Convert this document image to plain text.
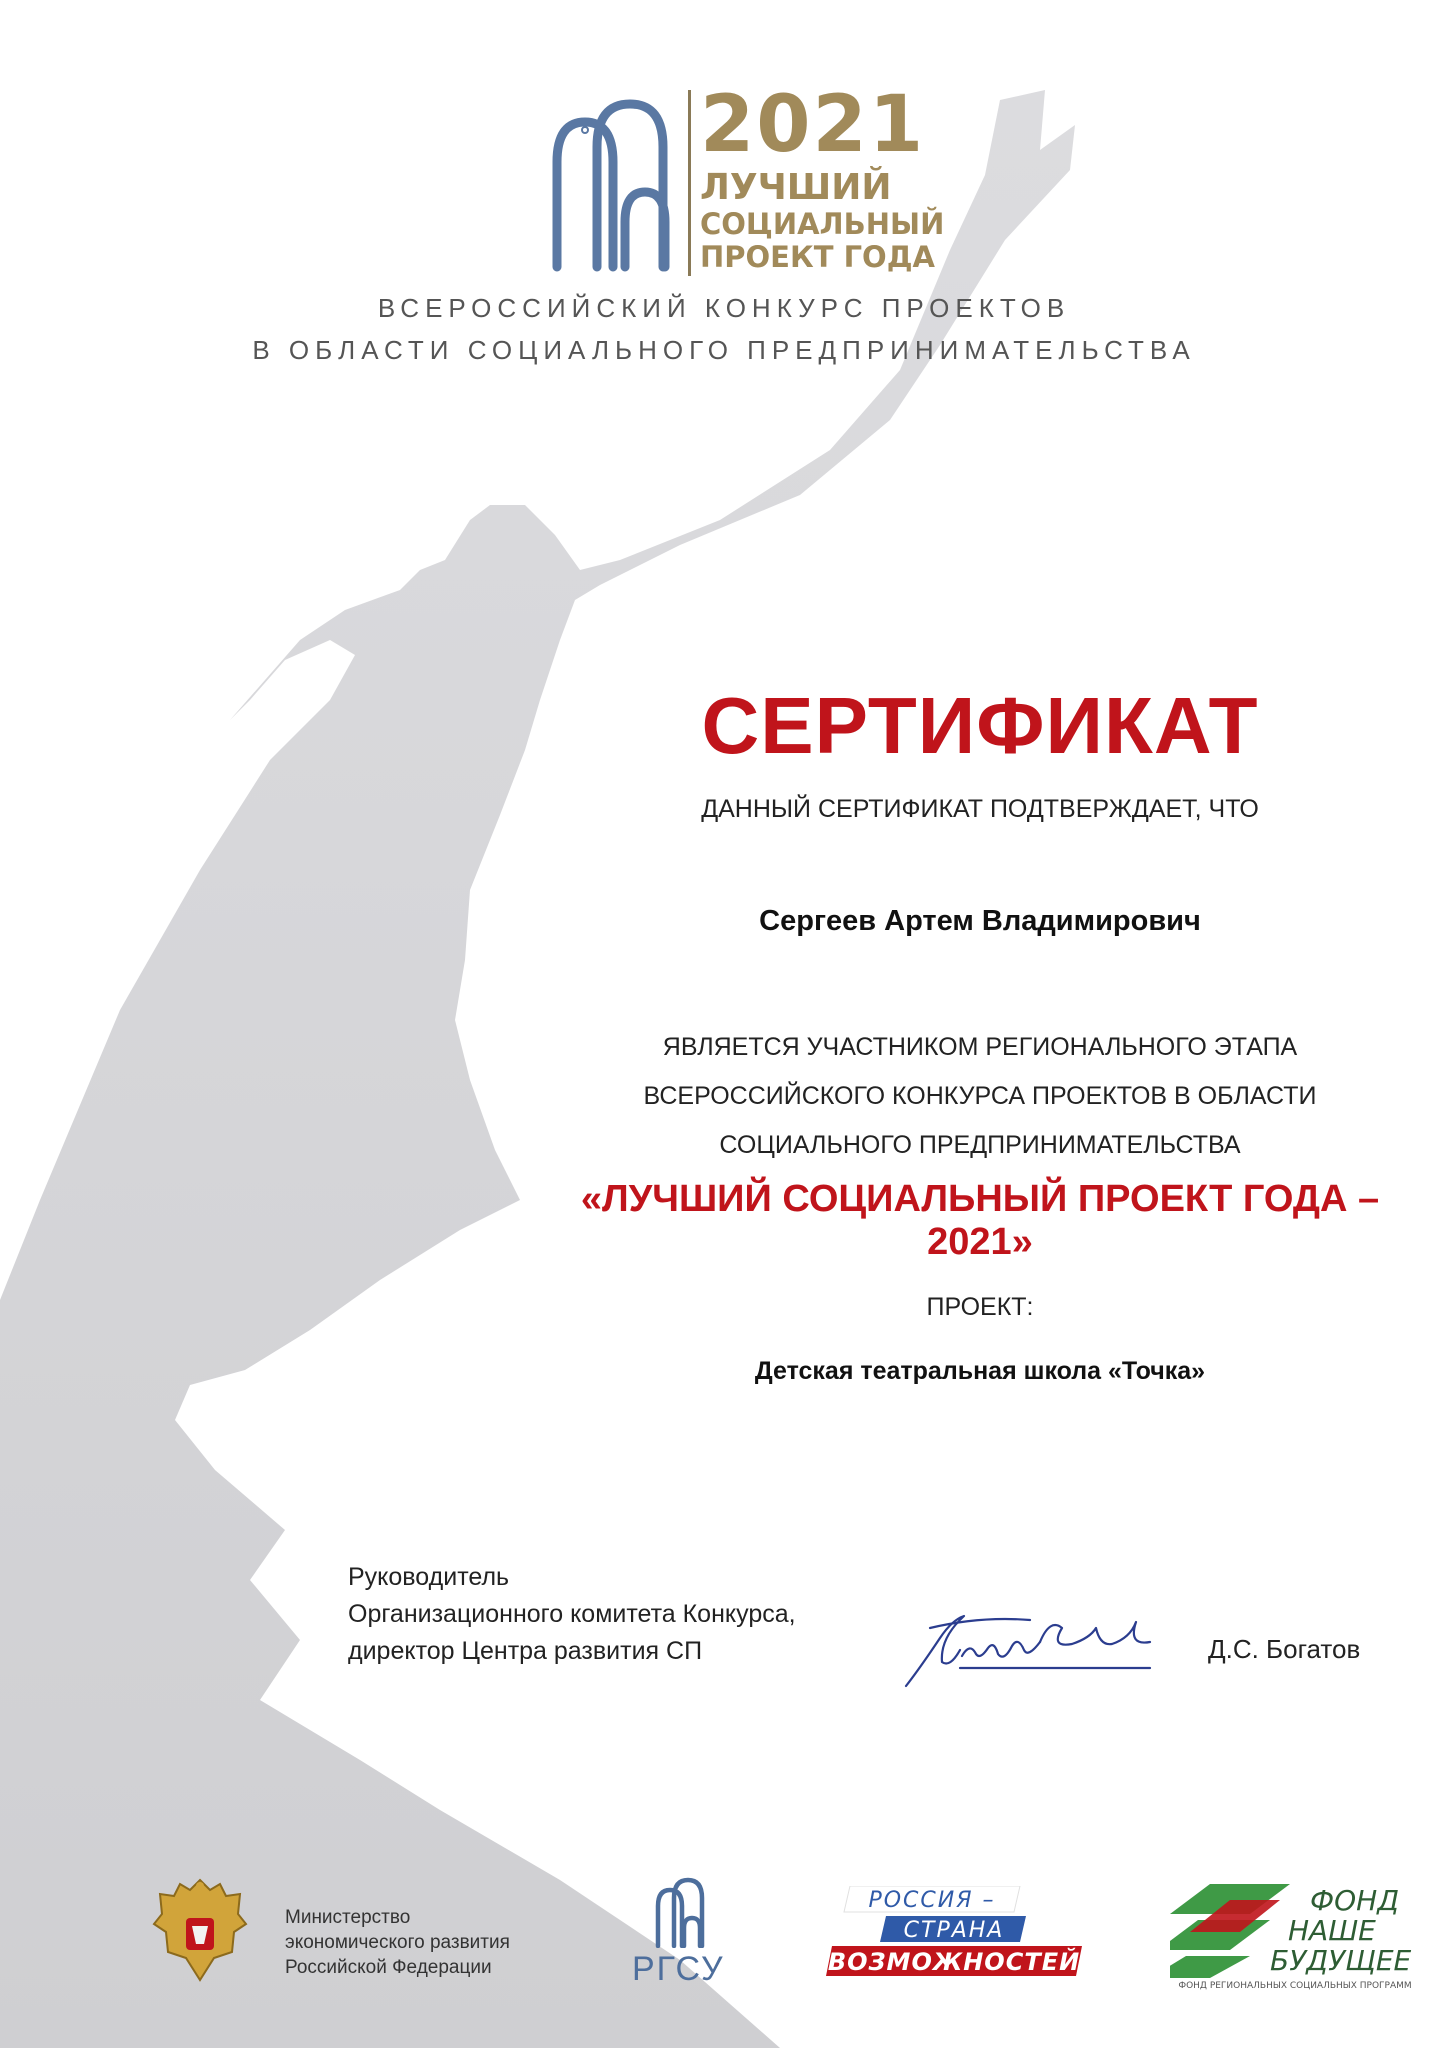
2021
ЛУЧШИЙ
СОЦИАЛЬНЫЙ
ПРОЕКТ ГОДА
ВСЕРОССИЙСКИЙ КОНКУРС ПРОЕКТОВ
В ОБЛАСТИ СОЦИАЛЬНОГО ПРЕДПРИНИМАТЕЛЬСТВА
СЕРТИФИКАТ
ДАННЫЙ СЕРТИФИКАТ ПОДТВЕРЖДАЕТ, ЧТО
Сергеев Артем Владимирович
ЯВЛЯЕТСЯ УЧАСТНИКОМ РЕГИОНАЛЬНОГО ЭТАПА
ВСЕРОССИЙСКОГО КОНКУРСА ПРОЕКТОВ В ОБЛАСТИ
СОЦИАЛЬНОГО ПРЕДПРИНИМАТЕЛЬСТВА
«ЛУЧШИЙ СОЦИАЛЬНЫЙ ПРОЕКТ ГОДА – 2021»
ПРОЕКТ:
Детская театральная школа «Точка»
Руководитель
Организационного комитета Конкурса,
директор Центра развития СП	Д.С. Богатов
Министерство
экономического развития
Российской Федерации	РГСУ
РОССИЯ –
СТРАНА
ВОЗМОЖНОСТЕЙ
ФОНД
НАШЕ
БУДУЩЕЕ
ФОНД РЕГИОНАЛЬНЫХ СОЦИАЛЬНЫХ ПРОГРАММ
